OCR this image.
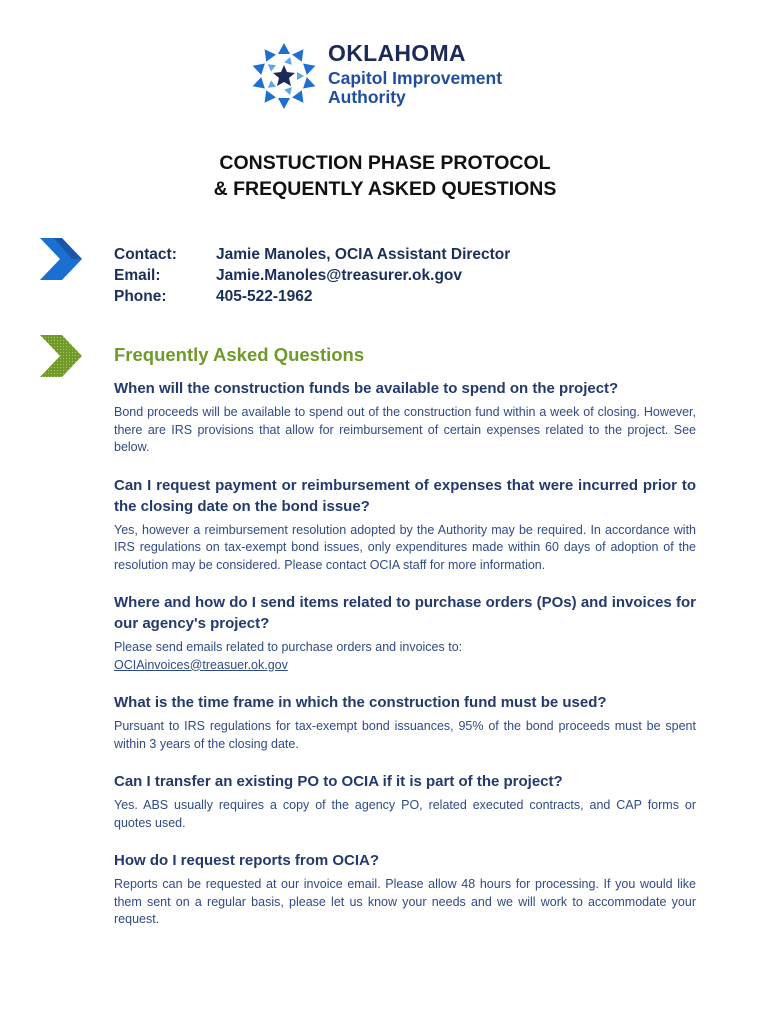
OKLAHOMA
Capitol Improvement
Authority
CONSTUCTION PHASE PROTOCOL
& FREQUENTLY ASKED QUESTIONS
Contact:	Jamie Manoles, OCIA Assistant Director
Email:	Jamie.Manoles@treasurer.ok.gov
Phone:	405-522-1962
Frequently Asked Questions
When will the construction funds be available to spend on the project?
Bond proceeds will be available to spend out of the construction fund within a week of closing. However, there are IRS provisions that allow for reimbursement of certain expenses related to the project. See below.
Can I request payment or reimbursement of expenses that were incurred prior to the closing date on the bond issue?
Yes, however a reimbursement resolution adopted by the Authority may be required. In accordance with IRS regulations on tax-exempt bond issues, only expenditures made within 60 days of adoption of the resolution may be considered. Please contact OCIA staff for more information.
Where and how do I send items related to purchase orders (POs) and invoices for our agency's project?
Please send emails related to purchase orders and invoices to:
OCIAinvoices@treasuer.ok.gov
What is the time frame in which the construction fund must be used?
Pursuant to IRS regulations for tax-exempt bond issuances, 95% of the bond proceeds must be spent within 3 years of the closing date.
Can I transfer an existing PO to OCIA if it is part of the project?
Yes. ABS usually requires a copy of the agency PO, related executed contracts, and CAP forms or quotes used.
How do I request reports from OCIA?
Reports can be requested at our invoice email. Please allow 48 hours for processing. If you would like them sent on a regular basis, please let us know your needs and we will work to accommodate your request.
